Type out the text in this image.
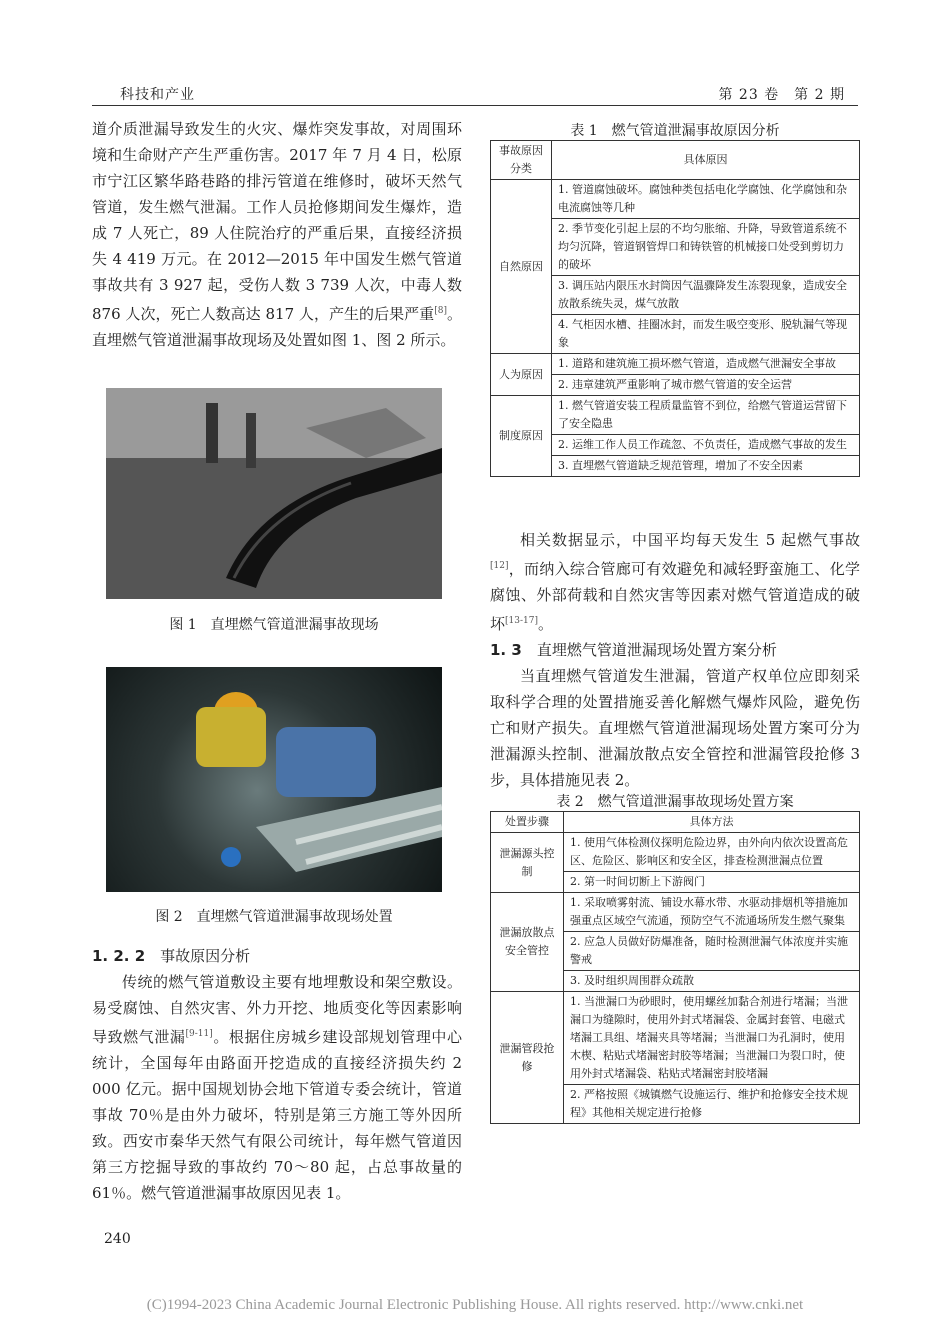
科技和产业	第 23 卷　第 2 期

道介质泄漏导致发生的火灾、爆炸突发事故，对周围环境和生命财产产生严重伤害。2017 年 7 月 4 日，松原市宁江区繁华路巷路的排污管道在维修时，破坏天然气管道，发生燃气泄漏。工作人员抢修期间发生爆炸，造成 7 人死亡，89 人住院治疗的严重后果，直接经济损失 4 419 万元。在 2012—2015 年中国发生燃气管道事故共有 3 927 起，受伤人数 3 739 人次，中毒人数 876 人次，死亡人数高达 817 人，产生的后果严重[8]。直埋燃气管道泄漏事故现场及处置如图 1、图 2 所示。

图 1　直埋燃气管道泄漏事故现场
图 2　直埋燃气管道泄漏事故现场处置

1. 2. 2　 事故原因分析

传统的燃气管道敷设主要有地埋敷设和架空敷设。易受腐蚀、自然灾害、外力开挖、地质变化等因素影响导致燃气泄漏[9-11]。根据住房城乡建设部规划管理中心统计，全国每年由路面开挖造成的直接经济损失约 2 000 亿元。据中国规划协会地下管道专委会统计，管道事故 70％是由外力破坏，特别是第三方施工等外因所致。西安市秦华天然气有限公司统计，每年燃气管道因第三方挖掘导致的事故约 70～80 起，占总事故量的 61％。燃气管道泄漏事故原因见表 1。

表 1　燃气管道泄漏事故原因分析
事故原因分类	具体原因
自然原因	1. 管道腐蚀破坏。腐蚀种类包括电化学腐蚀、化学腐蚀和杂电流腐蚀等几种
	2. 季节变化引起上层的不均匀胀缩、升降，导致管道系统不均匀沉降，管道钢管焊口和铸铁管的机械接口处受到剪切力的破坏
	3. 调压站内限压水封筒因气温骤降发生冻裂现象，造成安全放散系统失灵，煤气放散
	4. 气柜因水槽、挂圈冰封，而发生吸空变形、脱轨漏气等现象
人为原因	1. 道路和建筑施工损坏燃气管道，造成燃气泄漏安全事故
	2. 违章建筑严重影响了城市燃气管道的安全运营
制度原因	1. 燃气管道安装工程质量监管不到位，给燃气管道运营留下了安全隐患
	2. 运维工作人员工作疏忽、不负责任，造成燃气事故的发生
	3. 直埋燃气管道缺乏规范管理，增加了不安全因素

相关数据显示，中国平均每天发生 5 起燃气事故[12]，而纳入综合管廊可有效避免和减轻野蛮施工、化学腐蚀、外部荷载和自然灾害等因素对燃气管道造成的破坏[13-17]。

1. 3　 直埋燃气管道泄漏现场处置方案分析

当直埋燃气管道发生泄漏，管道产权单位应即刻采取科学合理的处置措施妥善化解燃气爆炸风险，避免伤亡和财产损失。直埋燃气管道泄漏现场处置方案可分为泄漏源头控制、泄漏放散点安全管控和泄漏管段抢修 3 步，具体措施见表 2。

表 2　燃气管道泄漏事故现场处置方案
处置步骤	具体方法
泄漏源头控制	1. 使用气体检测仪探明危险边界，由外向内依次设置高危区、危险区、影响区和安全区，排查检测泄漏点位置
	2. 第一时间切断上下游阀门
泄漏放散点安全管控	1. 采取喷雾射流、铺设水幕水带、水驱动排烟机等措施加强重点区域空气流通，预防空气不流通场所发生燃气聚集
	2. 应急人员做好防爆准备，随时检测泄漏气体浓度并实施警戒
	3. 及时组织周围群众疏散
泄漏管段抢修	1. 当泄漏口为砂眼时，使用螺丝加黏合剂进行堵漏；当泄漏口为缝隙时，使用外封式堵漏袋、金属封套管、电磁式堵漏工具组、堵漏夹具等堵漏；当泄漏口为孔洞时，使用木楔、粘贴式堵漏密封胶等堵漏；当泄漏口为裂口时，使用外封式堵漏袋、粘贴式堵漏密封胶堵漏
	2. 严格按照《城镇燃气设施运行、维护和抢修安全技术规程》其他相关规定进行抢修
240
(C)1994-2023 China Academic Journal Electronic Publishing House. All rights reserved. http://www.cnki.net
